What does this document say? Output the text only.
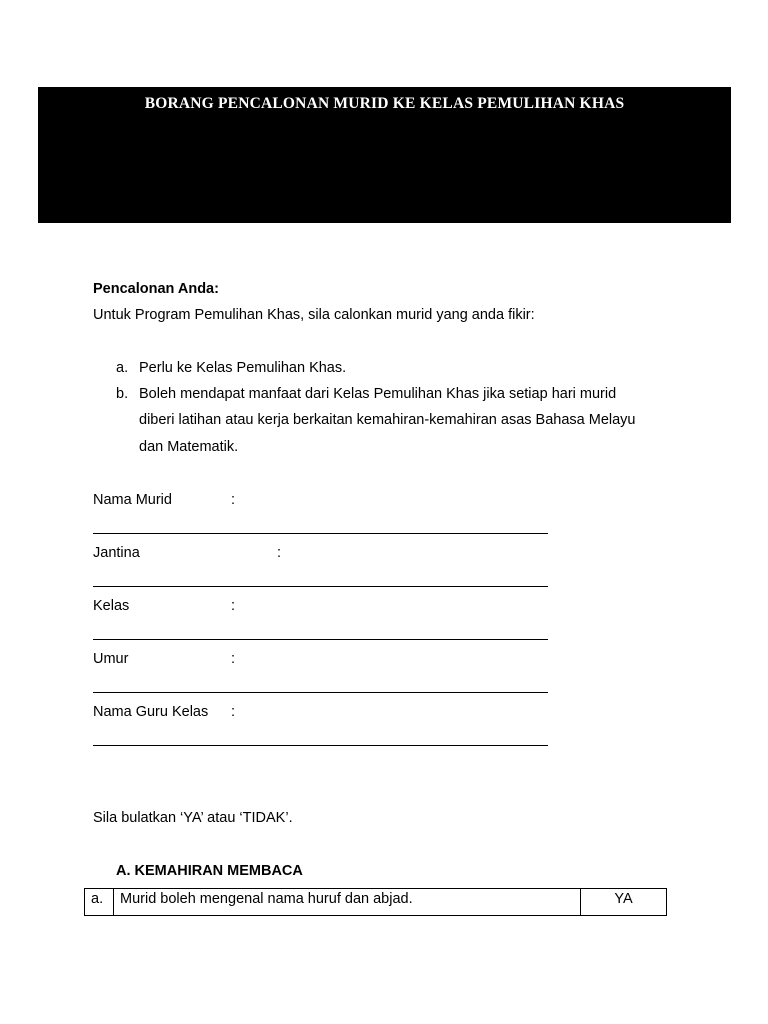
BORANG PENCALONAN MURID KE KELAS PEMULIHAN KHAS
Pencalonan Anda:
Untuk Program Pemulihan Khas, sila calonkan murid yang anda fikir:
a. Perlu ke Kelas Pemulihan Khas.
b. Boleh mendapat manfaat dari Kelas Pemulihan Khas jika setiap hari murid
diberi latihan atau kerja berkaitan kemahiran-kemahiran asas Bahasa Melayu
dan Matematik.
Nama Murid	:
Jantina	:
Kelas	:
Umur	:
Nama Guru Kelas :
Sila bulatkan ‘YA’ atau ‘TIDAK’.
A. KEMAHIRAN MEMBACA
a.	Murid boleh mengenal nama huruf dan abjad.	YA
